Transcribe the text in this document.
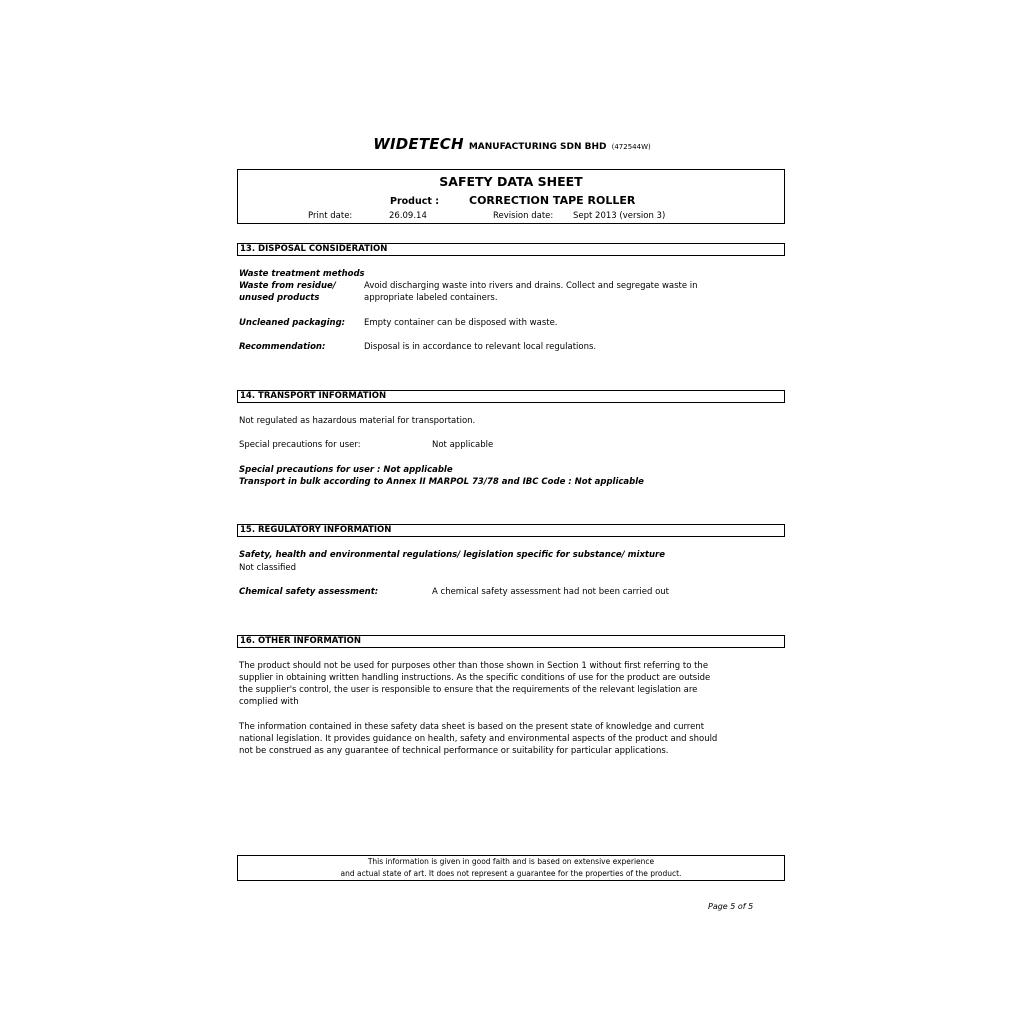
WIDETECH MANUFACTURING SDN BHD (472544W)
SAFETY DATA SHEET
Product :	CORRECTION TAPE ROLLER
Print date:	26.09.14	Revision date: Sept 2013 (version 3)
13. DISPOSAL CONSIDERATION
Waste treatment methods
Waste from residue/
unused products
Avoid discharging waste into rivers and drains. Collect and segregate waste in
appropriate labeled containers.
Uncleaned packaging: Empty container can be disposed with waste.
Recommendation:	Disposal is in accordance to relevant local regulations.
14. TRANSPORT INFORMATION
Not regulated as hazardous material for transportation.
Special precautions for user:	Not applicable
Special precautions for user : Not applicable
Transport in bulk according to Annex II MARPOL 73/78 and IBC Code : Not applicable
15. REGULATORY INFORMATION
Safety, health and environmental regulations/ legislation specific for substance/ mixture
Not classified
Chemical safety assessment:	A chemical safety assessment had not been carried out
16. OTHER INFORMATION
The product should not be used for purposes other than those shown in Section 1 without first referring to the
supplier in obtaining written handling instructions. As the specific conditions of use for the product are outside
the supplier's control, the user is responsible to ensure that the requirements of the relevant legislation are
complied with
The information contained in these safety data sheet is based on the present state of knowledge and current
national legislation. It provides guidance on health, safety and environmental aspects of the product and should
not be construed as any guarantee of technical performance or suitability for particular applications.
This information is given in good faith and is based on extensive experience
and actual state of art. It does not represent a guarantee for the properties of the product.
Page 5 of 5
